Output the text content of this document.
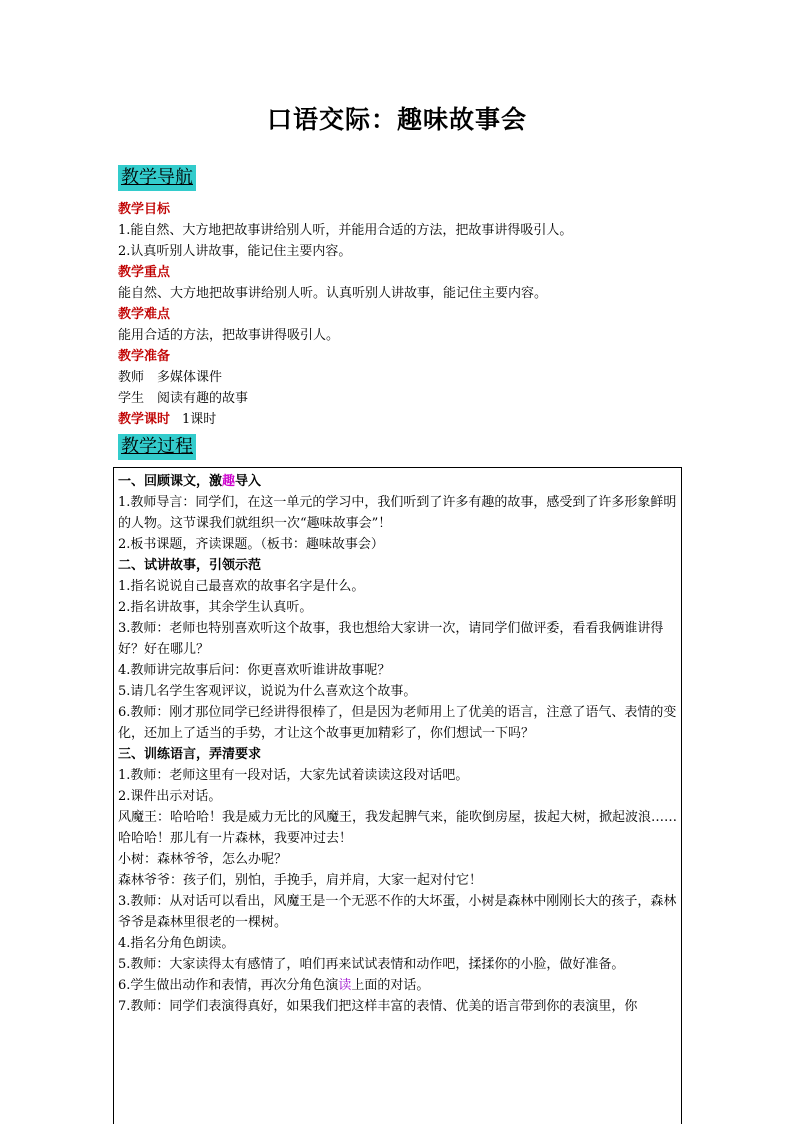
口语交际：趣味故事会
教学导航
教学目标
1.能自然、大方地把故事讲给别人听，并能用合适的方法，把故事讲得吸引人。
2.认真听别人讲故事，能记住主要内容。
教学重点
能自然、大方地把故事讲给别人听。认真听别人讲故事，能记住主要内容。
教学难点
能用合适的方法，把故事讲得吸引人。
教学准备
教师　多媒体课件
学生　阅读有趣的故事
教学课时 1课时
教学过程

一、回顾课文，激趣导入

1.教师导言：同学们，在这一单元的学习中，我们听到了许多有趣的故事，感受到了许多形象鲜明的人物。这节课我们就组织一次“趣味故事会”！

2.板书课题，齐读课题。（板书：趣味故事会）

二、试讲故事，引领示范

1.指名说说自己最喜欢的故事名字是什么。

2.指名讲故事，其余学生认真听。

3.教师：老师也特别喜欢听这个故事，我也想给大家讲一次，请同学们做评委，看看我俩谁讲得好？好在哪儿？

4.教师讲完故事后问：你更喜欢听谁讲故事呢？

5.请几名学生客观评议，说说为什么喜欢这个故事。

6.教师：刚才那位同学已经讲得很棒了，但是因为老师用上了优美的语言，注意了语气、表情的变化，还加上了适当的手势，才让这个故事更加精彩了，你们想试一下吗？

三、训练语言，弄清要求

1.教师：老师这里有一段对话，大家先试着读读这段对话吧。

2.课件出示对话。

风魔王：哈哈哈！我是威力无比的风魔王，我发起脾气来，能吹倒房屋，拔起大树，掀起波浪……哈哈哈！那儿有一片森林，我要冲过去！

小树：森林爷爷，怎么办呢？

森林爷爷：孩子们，别怕，手挽手，肩并肩，大家一起对付它！

3.教师：从对话可以看出，风魔王是一个无恶不作的大坏蛋，小树是森林中刚刚长大的孩子，森林爷爷是森林里很老的一棵树。

4.指名分角色朗读。

5.教师：大家读得太有感情了，咱们再来试试表情和动作吧，揉揉你的小脸，做好准备。

6.学生做出动作和表情，再次分角色演读上面的对话。

7.教师：同学们表演得真好，如果我们把这样丰富的表情、优美的语言带到你的表演里，你
